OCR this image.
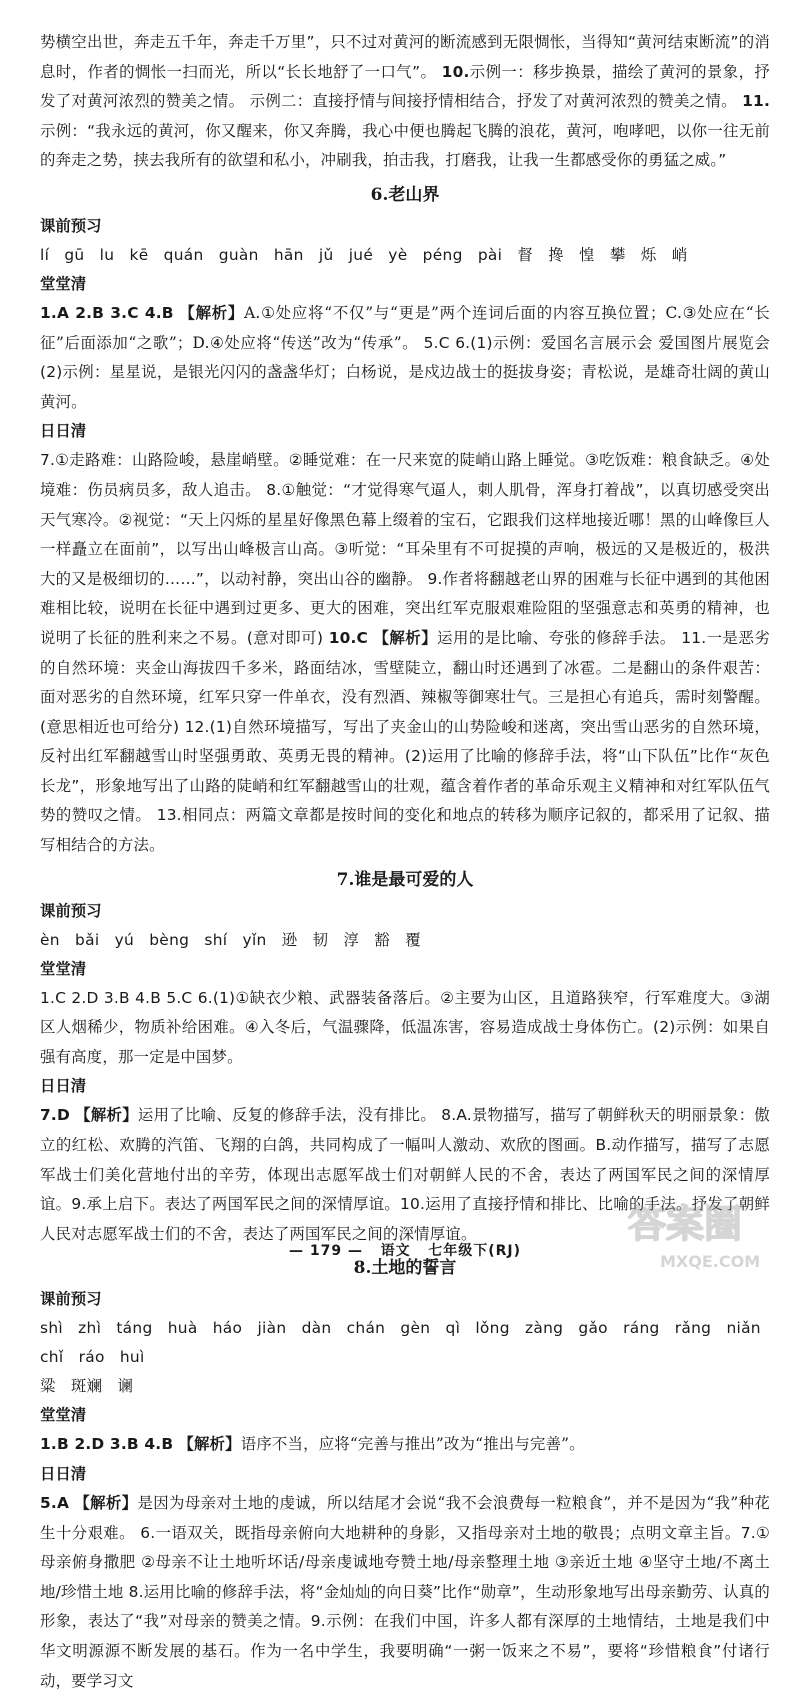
势横空出世，奔走五千年，奔走千万里”，只不过对黄河的断流感到无限惆怅，当得知“黄河结束断流”的消息时，作者的惆怅一扫而光，所以“长长地舒了一口气”。 10.示例一：移步换景，描绘了黄河的景象，抒发了对黄河浓烈的赞美之情。 示例二：直接抒情与间接抒情相结合，抒发了对黄河浓烈的赞美之情。 11.示例：“我永远的黄河，你又醒来，你又奔腾，我心中便也腾起飞腾的浪花，黄河，咆哮吧，以你一往无前的奔走之势，挟去我所有的欲望和私小，冲刷我，拍击我，打磨我，让我一生都感受你的勇猛之威。”

6.老山界

课前预习

lí gū lu kē quán guàn hān jǔ jué yè péng pài 督 搀 惶 攀 烁 峭

堂堂清

1.A 2.B 3.C 4.B 【解析】A.①处应将“不仅”与“更是”两个连词后面的内容互换位置；C.③处应在“长征”后面添加“之歌”；D.④处应将“传送”改为“传承”。 5.C 6.(1)示例：爱国名言展示会 爱国图片展览会 (2)示例：星星说，是银光闪闪的盏盏华灯；白杨说，是戍边战士的挺拔身姿；青松说，是雄奇壮阔的黄山黄河。

日日清

7.①走路难：山路险峻，悬崖峭壁。②睡觉难：在一尺来宽的陡峭山路上睡觉。③吃饭难：粮食缺乏。④处境难：伤员病员多，敌人追击。 8.①触觉：“才觉得寒气逼人，刺人肌骨，浑身打着战”，以真切感受突出天气寒冷。②视觉：“天上闪烁的星星好像黑色幕上缀着的宝石，它跟我们这样地接近哪！黑的山峰像巨人一样矗立在面前”，以写出山峰极言山高。③听觉：“耳朵里有不可捉摸的声响，极远的又是极近的，极洪大的又是极细切的……”，以动衬静，突出山谷的幽静。 9.作者将翻越老山界的困难与长征中遇到的其他困难相比较，说明在长征中遇到过更多、更大的困难，突出红军克服艰难险阻的坚强意志和英勇的精神，也说明了长征的胜利来之不易。(意对即可) 10.C 【解析】运用的是比喻、夸张的修辞手法。 11.一是恶劣的自然环境：夹金山海拔四千多米，路面结冰，雪壁陡立，翻山时还遇到了冰雹。二是翻山的条件艰苦：面对恶劣的自然环境，红军只穿一件单衣，没有烈酒、辣椒等御寒壮气。三是担心有追兵，需时刻警醒。(意思相近也可给分) 12.(1)自然环境描写，写出了夹金山的山势险峻和迷离，突出雪山恶劣的自然环境，反衬出红军翻越雪山时坚强勇敢、英勇无畏的精神。(2)运用了比喻的修辞手法，将“山下队伍”比作“灰色长龙”，形象地写出了山路的陡峭和红军翻越雪山的壮观，蕴含着作者的革命乐观主义精神和对红军队伍气势的赞叹之情。 13.相同点：两篇文章都是按时间的变化和地点的转移为顺序记叙的，都采用了记叙、描写相结合的方法。

7.谁是最可爱的人

课前预习

èn bǎi yú bèng shí yǐn 逊 韧 淳 豁 覆

堂堂清

1.C 2.D 3.B 4.B 5.C 6.(1)①缺衣少粮、武器装备落后。②主要为山区，且道路狭窄，行军难度大。③湖区人烟稀少，物质补给困难。④入冬后，气温骤降，低温冻害，容易造成战士身体伤亡。(2)示例：如果自强有高度，那一定是中国梦。

日日清

7.D 【解析】运用了比喻、反复的修辞手法，没有排比。 8.A.景物描写，描写了朝鲜秋天的明丽景象：傲立的红松、欢腾的汽笛、飞翔的白鸽，共同构成了一幅叫人激动、欢欣的图画。B.动作描写，描写了志愿军战士们美化营地付出的辛劳，体现出志愿军战士们对朝鲜人民的不舍，表达了两国军民之间的深情厚谊。9.承上启下。表达了两国军民之间的深情厚谊。10.运用了直接抒情和排比、比喻的手法。抒发了朝鲜人民对志愿军战士们的不舍，表达了两国军民之间的深情厚谊。

8.土地的誓言

课前预习

shì zhì táng huà háo jiàn dàn chán gèn qì lǒng zàng gǎo ráng rǎng niǎn chǐ ráo huì

粱 斑斓 谰

堂堂清

1.B 2.D 3.B 4.B 【解析】语序不当，应将“完善与推出”改为“推出与完善”。

日日清

5.A 【解析】是因为母亲对土地的虔诚，所以结尾才会说“我不会浪费每一粒粮食”，并不是因为“我”种花生十分艰难。 6.一语双关，既指母亲俯向大地耕种的身影，又指母亲对土地的敬畏；点明文章主旨。7.①母亲俯身撒肥 ②母亲不让土地听坏话/母亲虔诚地夸赞土地/母亲整理土地 ③亲近土地 ④坚守土地/不离土地/珍惜土地 8.运用比喻的修辞手法，将“金灿灿的向日葵”比作“勋章”，生动形象地写出母亲勤劳、认真的形象，表达了“我”对母亲的赞美之情。9.示例：在我们中国，许多人都有深厚的土地情结，土地是我们中华文明源源不断发展的基石。作为一名中学生，我要明确“一粥一饭来之不易”，要将“珍惜粮食”付诸行动，要学习文

— 179 — 语文 七年级下(RJ)
答案圈
MXQE.COM
